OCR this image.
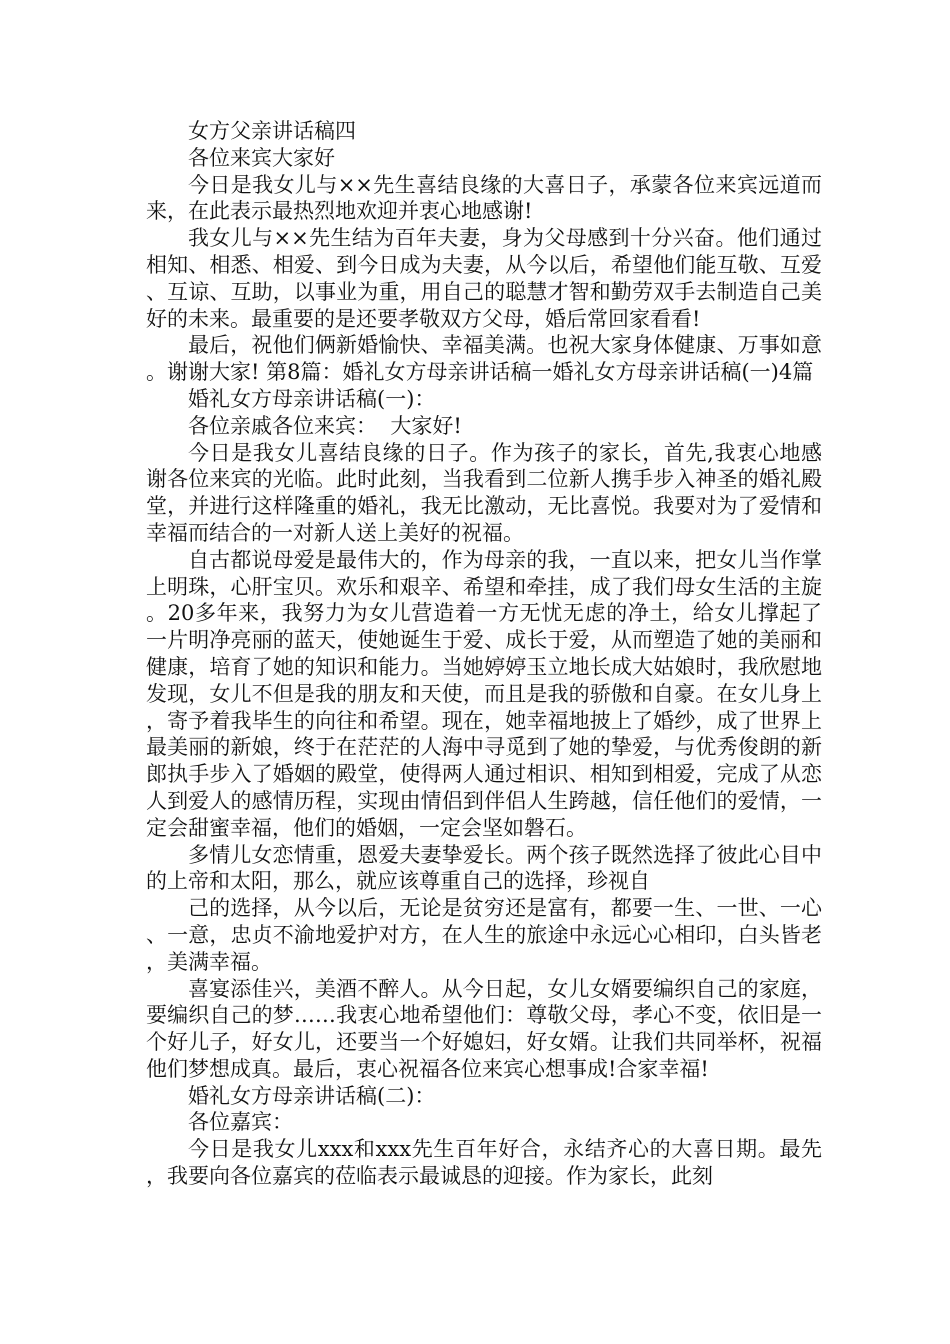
女方父亲讲话稿四

各位来宾大家好

今日是我女儿与××先生喜结良缘的大喜日子，承蒙各位来宾远道而来，在此表示最热烈地欢迎并衷心地感谢!

我女儿与××先生结为百年夫妻，身为父母感到十分兴奋。他们通过相知、相悉、相爱、到今日成为夫妻，从今以后，希望他们能互敬、互爱、互谅、互助，以事业为重，用自己的聪慧才智和勤劳双手去制造自己美好的未来。最重要的是还要孝敬双方父母，婚后常回家看看!

最后，祝他们俩新婚愉快、幸福美满。也祝大家身体健康、万事如意。谢谢大家! 第8篇：婚礼女方母亲讲话稿一婚礼女方母亲讲话稿(一)4篇

婚礼女方母亲讲话稿(一)：

各位亲戚各位来宾：  大家好!

今日是我女儿喜结良缘的日子。作为孩子的家长，首先,我衷心地感谢各位来宾的光临。此时此刻，当我看到二位新人携手步入神圣的婚礼殿堂，并进行这样隆重的婚礼，我无比激动，无比喜悦。我要对为了爱情和幸福而结合的一对新人送上美好的祝福。

自古都说母爱是最伟大的，作为母亲的我，一直以来，把女儿当作掌上明珠，心肝宝贝。欢乐和艰辛、希望和牵挂，成了我们母女生活的主旋。20多年来，我努力为女儿营造着一方无忧无虑的净土，给女儿撑起了一片明净亮丽的蓝天，使她诞生于爱、成长于爱，从而塑造了她的美丽和健康，培育了她的知识和能力。当她婷婷玉立地长成大姑娘时，我欣慰地发现，女儿不但是我的朋友和天使，而且是我的骄傲和自豪。在女儿身上，寄予着我毕生的向往和希望。现在，她幸福地披上了婚纱，成了世界上最美丽的新娘，终于在茫茫的人海中寻觅到了她的挚爱，与优秀俊朗的新郎执手步入了婚姻的殿堂，使得两人通过相识、相知到相爱，完成了从恋人到爱人的感情历程，实现由情侣到伴侣人生跨越，信任他们的爱情，一定会甜蜜幸福，他们的婚姻，一定会坚如磐石。

多情儿女恋情重，恩爱夫妻挚爱长。两个孩子既然选择了彼此心目中的上帝和太阳，那么，就应该尊重自己的选择，珍视自

己的选择，从今以后，无论是贫穷还是富有，都要一生、一世、一心、一意，忠贞不渝地爱护对方，在人生的旅途中永远心心相印，白头皆老，美满幸福。

喜宴添佳兴，美酒不醉人。从今日起，女儿女婿要编织自己的家庭，要编织自己的梦……我衷心地希望他们：尊敬父母，孝心不变，依旧是一个好儿子，好女儿，还要当一个好媳妇，好女婿。让我们共同举杯，祝福他们梦想成真。最后，衷心祝福各位来宾心想事成!合家幸福!

婚礼女方母亲讲话稿(二)：

各位嘉宾：

今日是我女儿xxx和xxx先生百年好合，永结齐心的大喜日期。最先，我要向各位嘉宾的莅临表示最诚恳的迎接。作为家长，此刻
